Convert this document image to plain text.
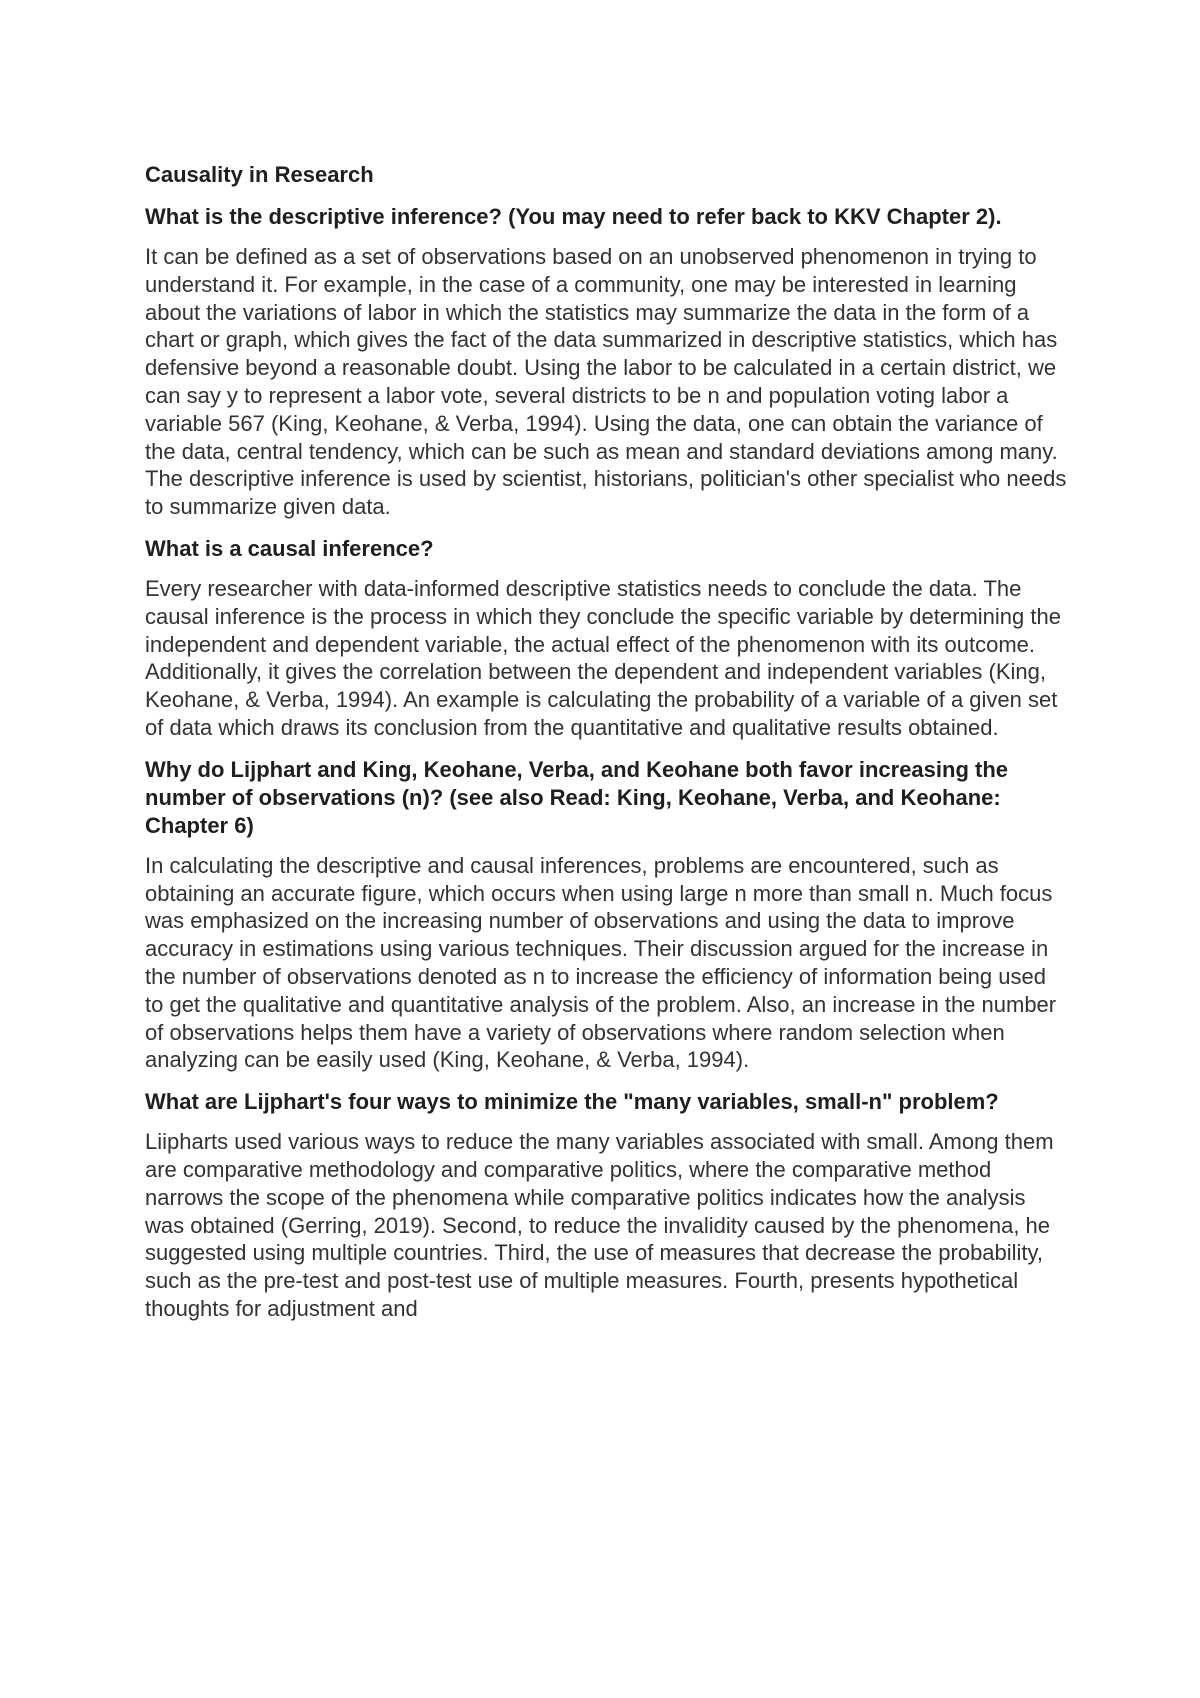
Causality in Research
What is the descriptive inference? (You may need to refer back to KKV Chapter 2).

It can be defined as a set of observations based on an unobserved phenomenon in trying to understand it. For example, in the case of a community, one may be interested in learning about the variations of labor in which the statistics may summarize the data in the form of a chart or graph, which gives the fact of the data summarized in descriptive statistics, which has defensive beyond a reasonable doubt. Using the labor to be calculated in a certain district, we can say y to represent a labor vote, several districts to be n and population voting labor a variable 567 (King, Keohane, & Verba, 1994). Using the data, one can obtain the variance of the data, central tendency, which can be such as mean and standard deviations among many. The descriptive inference is used by scientist, historians, politician's other specialist who needs to summarize given data.

What is a causal inference?

Every researcher with data-informed descriptive statistics needs to conclude the data. The causal inference is the process in which they conclude the specific variable by determining the independent and dependent variable, the actual effect of the phenomenon with its outcome. Additionally, it gives the correlation between the dependent and independent variables (King, Keohane, & Verba, 1994). An example is calculating the probability of a variable of a given set of data which draws its conclusion from the quantitative and qualitative results obtained.

Why do Lijphart and King, Keohane, Verba, and Keohane both favor increasing the number of observations (n)? (see also Read: King, Keohane, Verba, and Keohane: Chapter 6)

In calculating the descriptive and causal inferences, problems are encountered, such as obtaining an accurate figure, which occurs when using large n more than small n. Much focus was emphasized on the increasing number of observations and using the data to improve accuracy in estimations using various techniques. Their discussion argued for the increase in the number of observations denoted as n to increase the efficiency of information being used to get the qualitative and quantitative analysis of the problem. Also, an increase in the number of observations helps them have a variety of observations where random selection when analyzing can be easily used (King, Keohane, & Verba, 1994).

What are Lijphart's four ways to minimize the "many variables, small-n" problem?

Liipharts used various ways to reduce the many variables associated with small. Among them are comparative methodology and comparative politics, where the comparative method narrows the scope of the phenomena while comparative politics indicates how the analysis was obtained (Gerring, 2019). Second, to reduce the invalidity caused by the phenomena, he suggested using multiple countries. Third, the use of measures that decrease the probability, such as the pre-test and post-test use of multiple measures. Fourth, presents hypothetical thoughts for adjustment and
